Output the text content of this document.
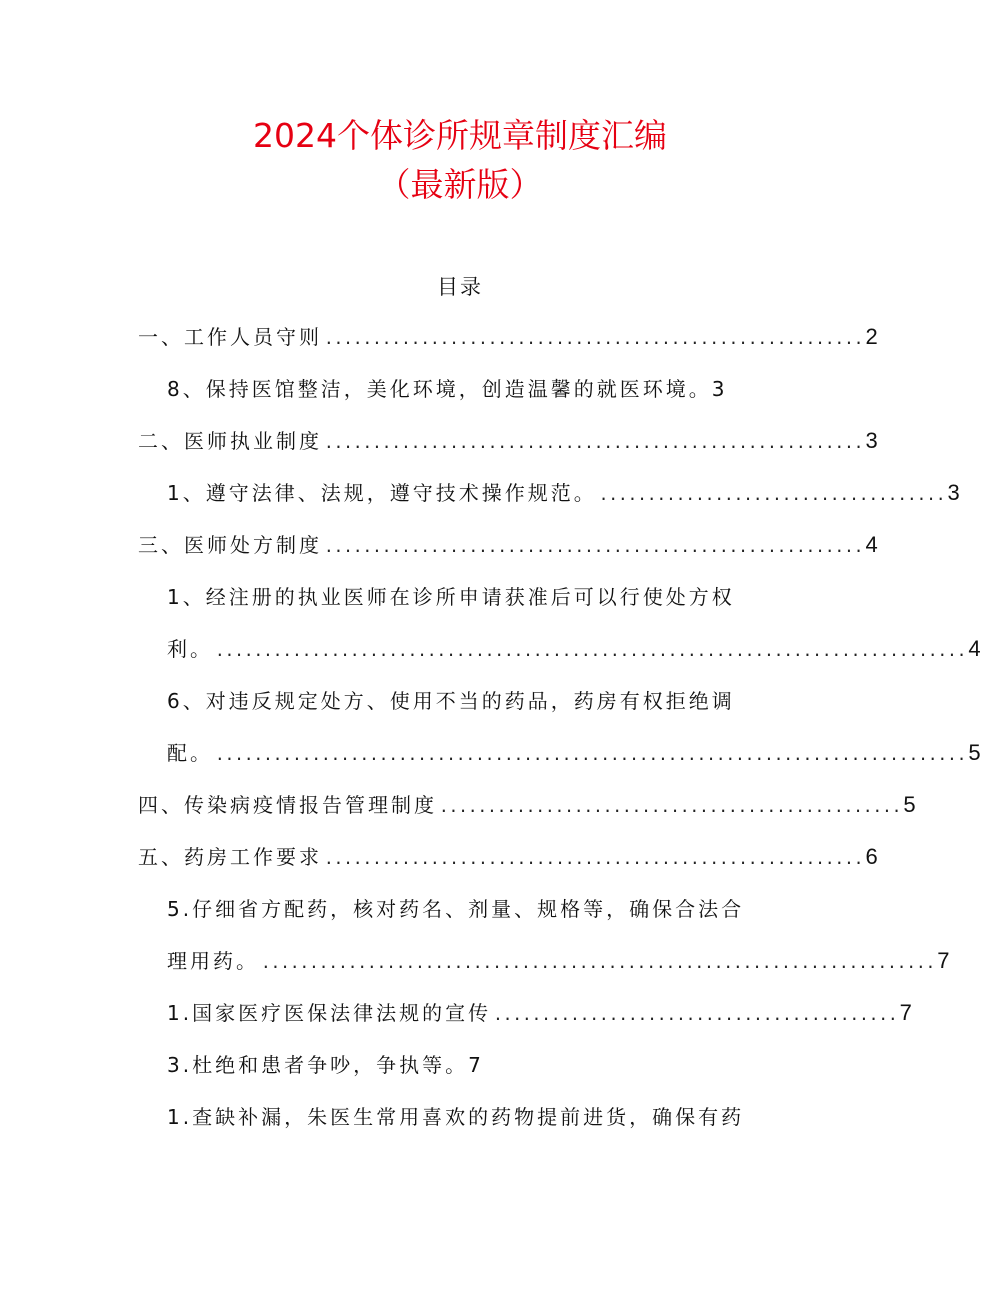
2024个体诊所规章制度汇编
（最新版）
目录
一、工作人员守则 ........................................................ 2
8、保持医馆整洁，美化环境，创造温馨的就医环境。3
二、医师执业制度 ........................................................ 3
1、遵守法律、法规，遵守技术操作规范。 .................................... 3
三、医师处方制度 ........................................................ 4
1、经注册的执业医师在诊所申请获准后可以行使处方权
利。 .............................................................................. 4
6、对违反规定处方、使用不当的药品，药房有权拒绝调
配。 .............................................................................. 5
四、传染病疫情报告管理制度 ................................................ 5
五、药房工作要求 ........................................................ 6
5.仔细省方配药，核对药名、剂量、规格等，确保合法合
理用药。 ...................................................................... 7
1.国家医疗医保法律法规的宣传 .......................................... 7
3.杜绝和患者争吵，争执等。7
1.查缺补漏，朱医生常用喜欢的药物提前进货，确保有药
